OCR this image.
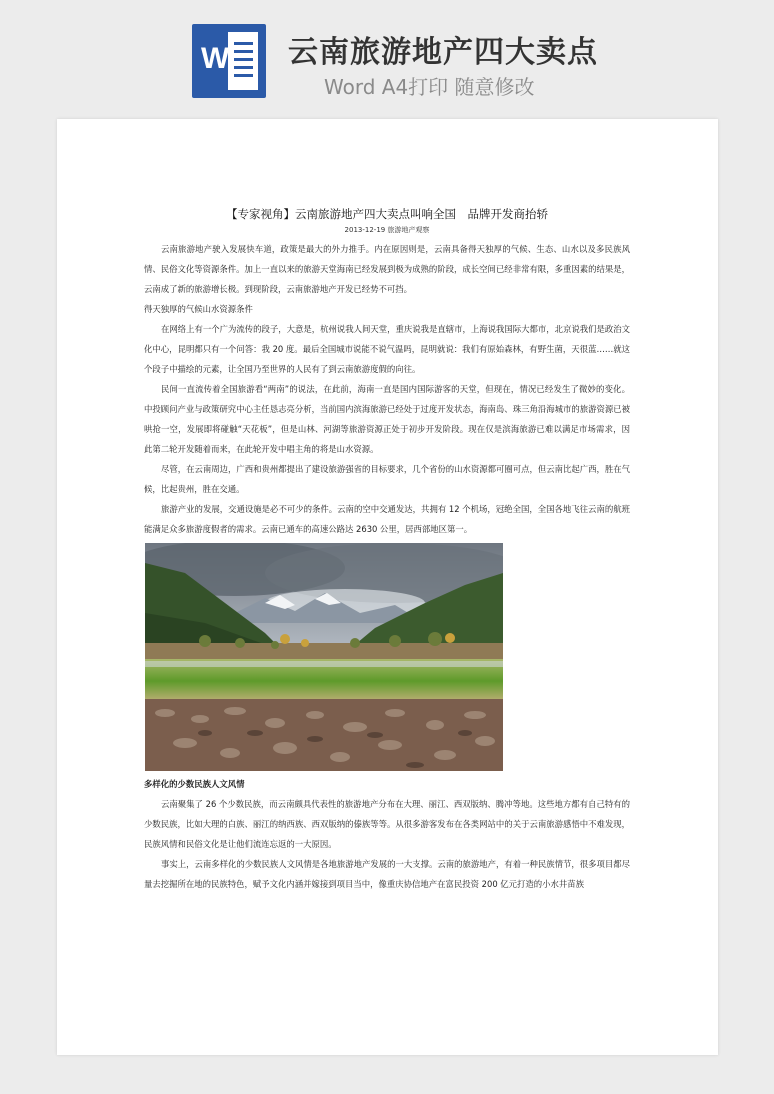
W 云南旅游地产四大卖点
Word A4打印 随意修改
【专家视角】云南旅游地产四大卖点叫响全国　品牌开发商抬轿
2013-12-19 旅游地产观察

云南旅游地产驶入发展快车道，政策是最大的外力推手。内在原因则是，云南具备得天独厚的气候、生态、山水以及多民族风情、民俗文化等资源条件。加上一直以来的旅游天堂海南已经发展到极为成熟的阶段，成长空间已经非常有限，多重因素的结果是，云南成了新的旅游增长极。到现阶段，云南旅游地产开发已经势不可挡。

得天独厚的气候山水资源条件

在网络上有一个广为流传的段子，大意是，杭州说我人间天堂，重庆说我是直辖市，上海说我国际大都市，北京说我们是政治文化中心，昆明都只有一个问答：我 20 度。最后全国城市说能不说气温吗，昆明就说：我们有原始森林，有野生菌，天很蓝……就这个段子中描绘的元素，让全国乃至世界的人民有了到云南旅游度假的向往。

民间一直流传着全国旅游看“两南”的说法，在此前，海南一直是国内国际游客的天堂，但现在，情况已经发生了微妙的变化。中投顾问产业与政策研究中心主任恳志亮分析，当前国内滨海旅游已经处于过度开发状态，海南岛、珠三角沿海城市的旅游资源已被哄抢一空，发展即将碰触“天花板”，但是山林、河湖等旅游资源正处于初步开发阶段。现在仅是滨海旅游已难以满足市场需求，因此第二轮开发随着而来，在此轮开发中唱主角的将是山水资源。

尽管，在云南周边，广西和贵州都提出了建设旅游强省的目标要求，几个省份的山水资源都可圈可点，但云南比起广西，胜在气候，比起贵州，胜在交通。

旅游产业的发展，交通设施是必不可少的条件。云南的空中交通发达，共拥有 12 个机场，冠绝全国，全国各地飞往云南的航班能满足众多旅游度假者的需求。云南已通车的高速公路达 2630 公里，居西部地区第一。

多样化的少数民族人文风情

云南聚集了 26 个少数民族，而云南颇具代表性的旅游地产分布在大理、丽江、西双版纳、腾冲等地。这些地方都有自己特有的少数民族，比如大理的白族、丽江的纳西族、西双版纳的傣族等等。从很多游客发布在各类网站中的关于云南旅游感悟中不难发现，民族风情和民俗文化是让他们流连忘返的一大原因。

事实上，云南多样化的少数民族人文风情是各地旅游地产发展的一大支撑。云南的旅游地产，有着一种民族情节，很多项目都尽量去挖掘所在地的民族特色，赋予文化内涵并嫁接到项目当中，像重庆协信地产在富民投资 200 亿元打造的小水井苗族
